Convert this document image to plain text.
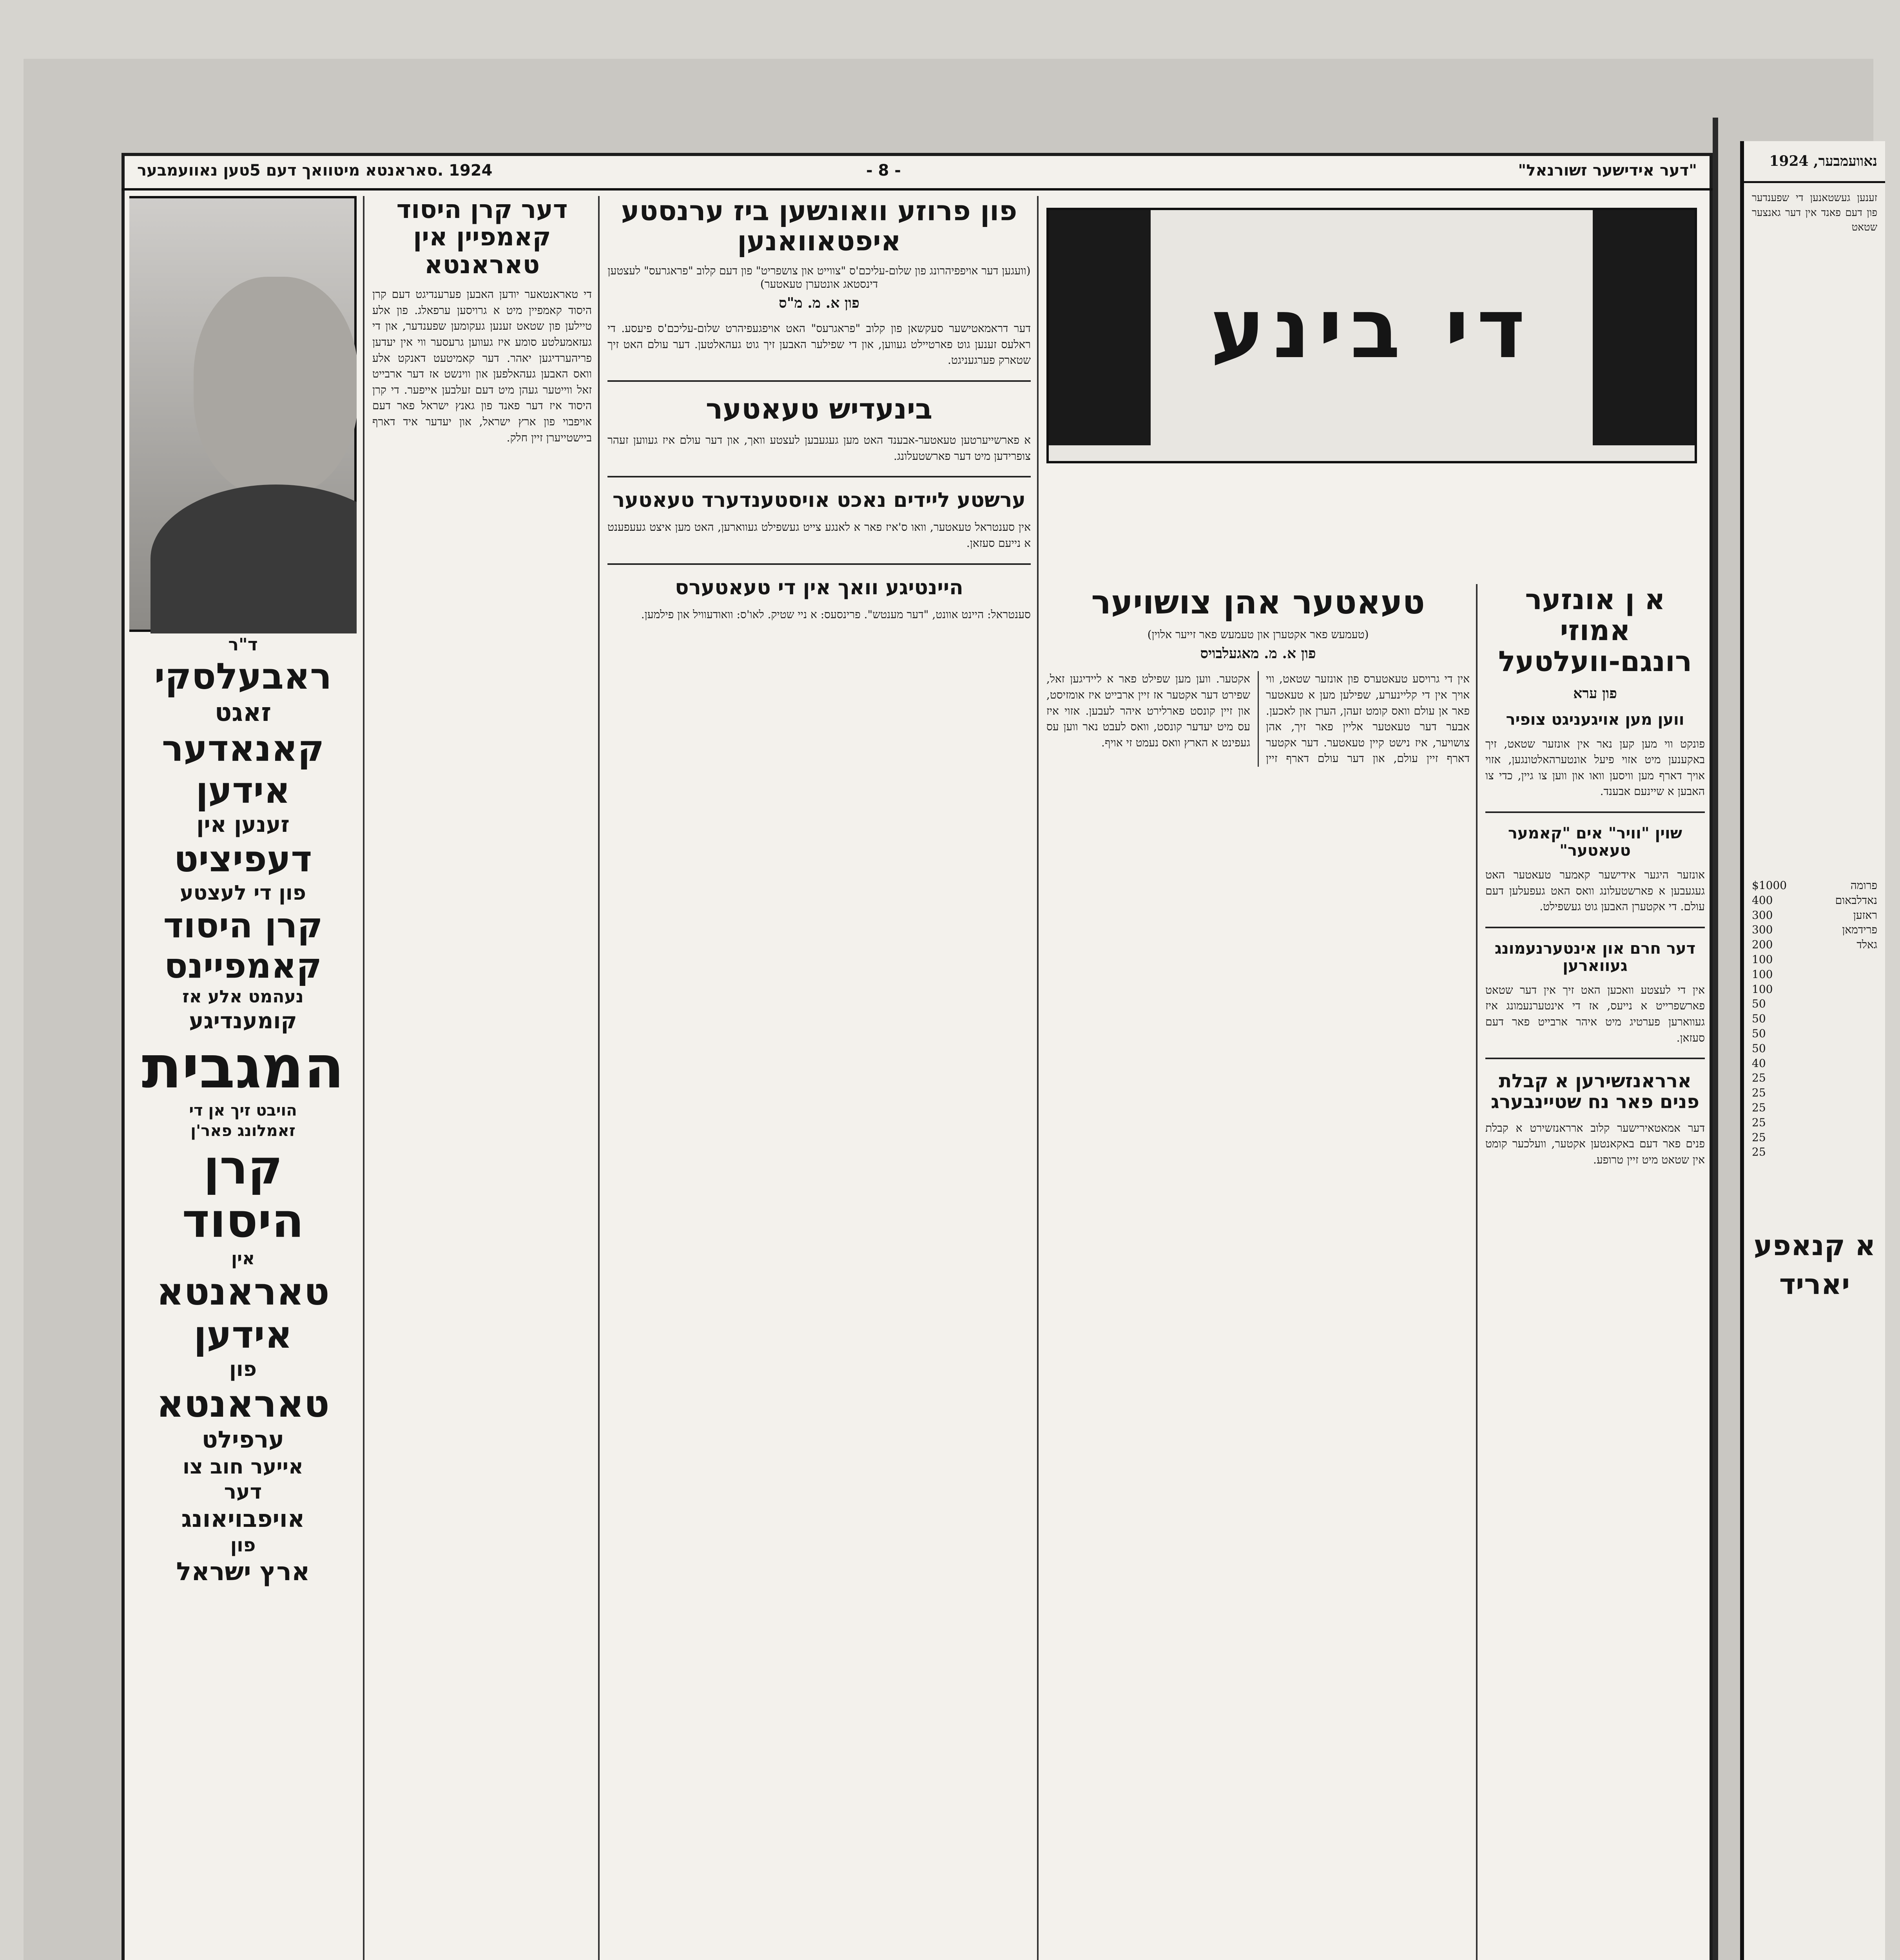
"דער אידישער זשורנאל"
- 8 -
1924 .סאראנטא מיטוואך דעם 5טען נאוועמבער
א ן אונזער אמוזי רונגם-וועלטעל
פון ערא
ווען מען אויגעניגט צופיר

פונקט ווי מען קען נאר אין אונזער שטאט, זיך באקענען מיט אזוי פיעל אונטערהאלטונגען, אזוי אויך דארף מען וויסען וואו און ווען צו גיין, כדי צו האבען א שיינעם אבענד.

שוין "וויר" אים "קאמער טעאטער"

אונזער היגער אידישער קאמער טעאטער האט געגעבען א פארשטעלונג וואס האט געפעלען דעם עולם. די אקטערן האבען גוט געשפילט.

דער חרם און אינטערנעמונג געווארען

אין די לעצטע וואכען האט זיך אין דער שטאט פארשפרייט א נייעס, אז די אינטערנעמונג איז געווארען פערטיג מיט איהר ארבייט פאר דעם סעזאן.

ארראנזשירען א קבלת פנים פאר נח שטיינבערג

דער אמאטאירישער קלוב ארראנזשירט א קבלת פנים פאר דעם באקאנטען אקטער, וועלכער קומט אין שטאט מיט זיין טרופע.

די בינע
טעאטער אהן צושויער
(טעמעש פאר אקטערן און טעמעש פאר זייער אלוין)
פון א. מ. מאגעלבויס

אין די גרויסע טעאטערס פון אונזער שטאט, ווי אויך אין די קליינערע, שפילען מען א טעאטער פאר אן עולם וואס קומט זעהן, הערן און לאכען. אבער דער טעאטער אליין פאר זיך, אהן צושויער, איז נישט קיין טעאטער. דער אקטער דארף זיין עולם, און דער עולם דארף זיין אקטער. ווען מען שפילט פאר א ליידיגען זאל, שפירט דער אקטער אז זיין ארבייט איז אומזיסט, און זיין קונסט פארלירט איהר לעבען. אזוי איז עס מיט יעדער קונסט, וואס לעבט נאר ווען עס געפינט א הארץ וואס נעמט זי אויף.

פון פרוזע וואונשען ביז ערנסטע איפטאוואנען
(וועגען דער אויפפיהרונג פון שלום-עליכם'ס "צווייט און צושפריט" פון דעם קלוב "פראגרעס" לעצטען דינסטאג אונטערן טעאטער)
פון א. מ. מ"ס

דער דראמאטישער סעקשאן פון קלוב "פראגרעס" האט אויפגעפיהרט שלום-עליכם'ס פיעסע. די ראלעס זענען גוט פארטיילט געווען, און די שפילער האבען זיך גוט געהאלטען. דער עולם האט זיך שטארק פערגעניגט.

בינעדיש טעאטער

א פארשייערטען טעאטער-אבענד האט מען געגעבען לעצטע וואך, און דער עולם איז געווען זעהר צופרידען מיט דער פארשטעלונג.

ערשטע ליידים נאכט אויסטענדערד טעאטער

אין סענטראל טעאטער, וואו ס'איז פאר א לאנגע צייט געשפילט געווארען, האט מען איצט געעפענט א נייעם סעזאן.

היינטיגע וואך אין די טעאטערס

סענטראל: היינט אוונט, "דער מענטש". פרינסעס: א ניי שטיק. לאו'ס: וואודעוויל און פילמען.

דער קרן היסוד קאמפיין אין טאראנטא

די טאראנטאער יודען האבען פערענדיגט דעם קרן היסוד קאמפיין מיט א גרויסען ערפאלג. פון אלע טיילען פון שטאט זענען געקומען שפענדער, און די געזאמעלטע סומע איז געווען גרעסער ווי אין יעדען פריהערדיגען יאהר. דער קאמיטעט דאנקט אלע וואס האבען געהאלפען און ווינשט אז דער ארבייט זאל ווייטער געהן מיט דעם זעלבען אייפער. די קרן היסוד איז דער פאנד פון גאנץ ישראל פאר דעם אויפבוי פון ארץ ישראל, און יעדער איד דארף ביישטייערן זיין חלק.

ד"ר
ראבעלסקי
זאגט
קאנאדער
אידען
זענען אין
דעפיציט
פון די לעצטע
קרן היסוד
קאמפיינס
נעהמט אלע אז
קומענדיגע
המגבית
הויבט זיך אן די
זאמלונג פאר'ן
קרן
היסוד
אין
טאראנטא
אידען
פון
טאראנטא
ערפילט
אייער חוב צו
דער
אויפבויאונג
פון
ארץ ישראל
נאוועמבער, 1924

זענען געשטאנען די שפענדער פון דעם פאנד אין דער גאנצער שטאט

פרומה
$1000
נאדלבאום
400
ראזען
300
פרידמאן
300
גאלד
200
100
100
100
50
50
50
50
40
25
25
25
25
25
25
א קנאפע
יאריד
